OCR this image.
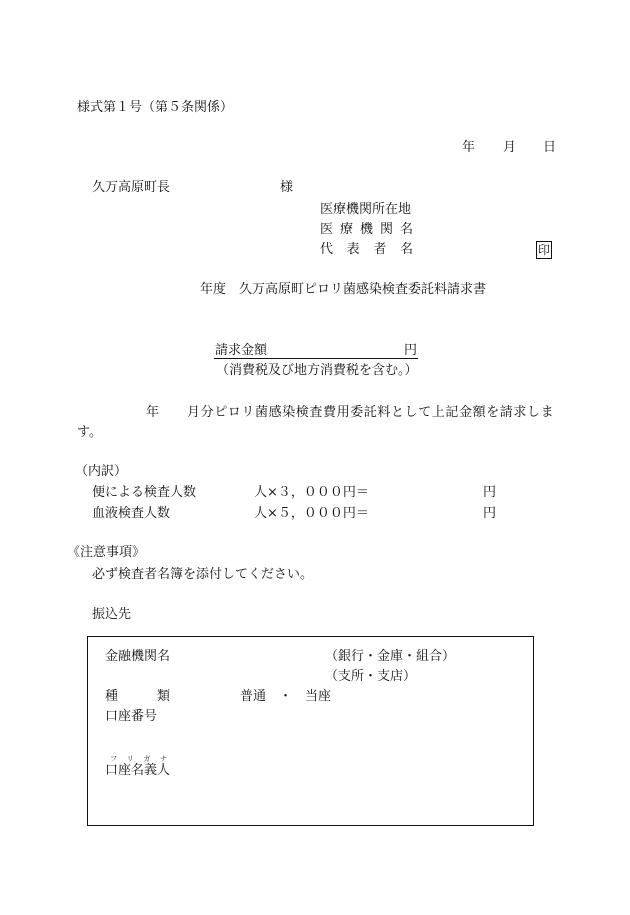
様式第１号（第５条関係）
年 月 日
久万高原町長	様
医療機関所在地
医 療 機 関 名
代 表 者 名	印
年度　久万高原町ピロリ菌感染検査委託料請求書
請求金額	円
（消費税及び地方消費税を含む。）
年 月分ピロリ菌感染検査費用委託料として上記金額を請求しま
す。
（内訳）
便による検査人数	人×３，０００円＝	円
血液検査人数	人×５，０００円＝	円
《注意事項》
必ず検査者名簿を添付してください。
振込先
金融機関名	（銀行・金庫・組合）
（支所・支店）
種　　　類	普通　・　当座
口座番号
フ リ ガ ナ
口座名義人
